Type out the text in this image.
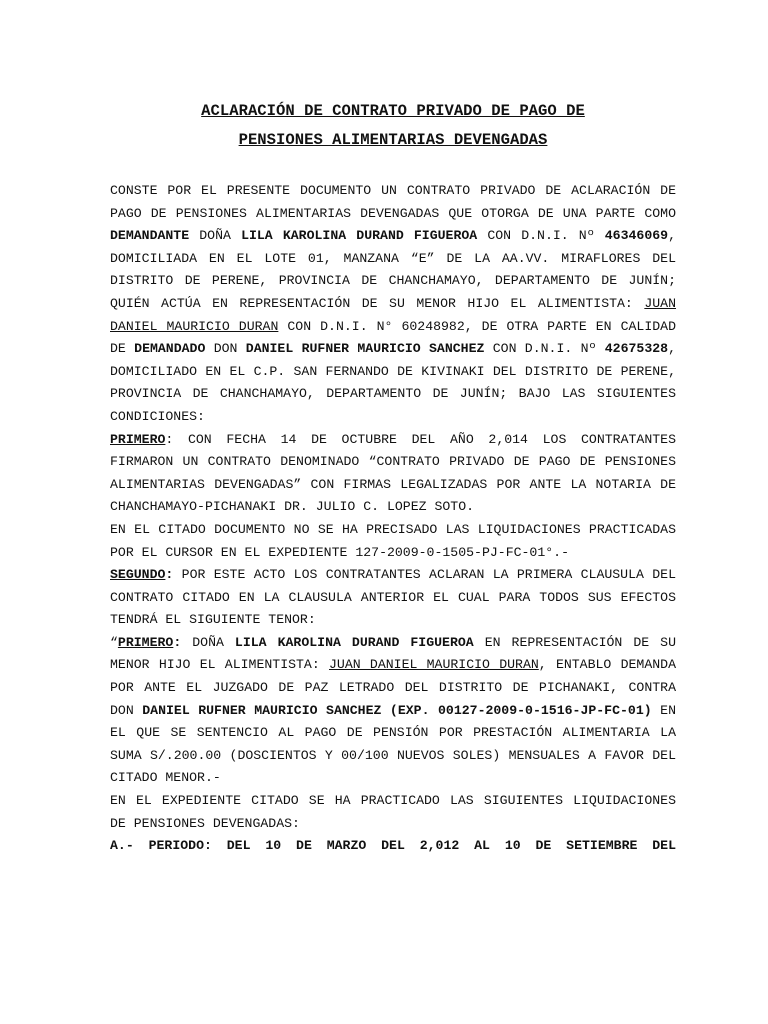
ACLARACIÓN DE CONTRATO PRIVADO DE PAGO DE
PENSIONES ALIMENTARIAS DEVENGADAS

CONSTE POR EL PRESENTE DOCUMENTO UN CONTRATO PRIVADO DE ACLARACIÓN DE PAGO DE PENSIONES ALIMENTARIAS DEVENGADAS QUE OTORGA DE UNA PARTE COMO DEMANDANTE DOÑA LILA KAROLINA DURAND FIGUEROA CON D.N.I. Nº 46346069, DOMICILIADA EN EL LOTE 01, MANZANA “E” DE LA AA.VV. MIRAFLORES DEL DISTRITO DE PERENE, PROVINCIA DE CHANCHAMAYO, DEPARTAMENTO DE JUNÍN; QUIÉN ACTÚA EN REPRESENTACIÓN DE SU MENOR HIJO EL ALIMENTISTA: JUAN DANIEL MAURICIO DURAN CON D.N.I. N° 60248982, DE OTRA PARTE EN CALIDAD DE DEMANDADO DON DANIEL RUFNER MAURICIO SANCHEZ CON D.N.I. Nº 42675328, DOMICILIADO EN EL C.P. SAN FERNANDO DE KIVINAKI DEL DISTRITO DE PERENE, PROVINCIA DE CHANCHAMAYO, DEPARTAMENTO DE JUNÍN; BAJO LAS SIGUIENTES CONDICIONES:

PRIMERO: CON FECHA 14 DE OCTUBRE DEL AÑO 2,014 LOS CONTRATANTES FIRMARON UN CONTRATO DENOMINADO “CONTRATO PRIVADO DE PAGO DE PENSIONES ALIMENTARIAS DEVENGADAS” CON FIRMAS LEGALIZADAS POR ANTE LA NOTARIA DE CHANCHAMAYO-PICHANAKI DR. JULIO C. LOPEZ SOTO.

EN EL CITADO DOCUMENTO NO SE HA PRECISADO LAS LIQUIDACIONES PRACTICADAS POR EL CURSOR EN EL EXPEDIENTE 127-2009-0-1505-PJ-FC-01°.-

SEGUNDO: POR ESTE ACTO LOS CONTRATANTES ACLARAN LA PRIMERA CLAUSULA DEL CONTRATO CITADO EN LA CLAUSULA ANTERIOR EL CUAL PARA TODOS SUS EFECTOS TENDRÁ EL SIGUIENTE TENOR:

“PRIMERO: DOÑA LILA KAROLINA DURAND FIGUEROA EN REPRESENTACIÓN DE SU MENOR HIJO EL ALIMENTISTA: JUAN DANIEL MAURICIO DURAN, ENTABLO DEMANDA POR ANTE EL JUZGADO DE PAZ LETRADO DEL DISTRITO DE PICHANAKI, CONTRA DON DANIEL RUFNER MAURICIO SANCHEZ (EXP. 00127-2009-0-1516-JP-FC-01) EN EL QUE SE SENTENCIO AL PAGO DE PENSIÓN POR PRESTACIÓN ALIMENTARIA LA SUMA S/.200.00 (DOSCIENTOS Y 00/100 NUEVOS SOLES) MENSUALES A FAVOR DEL CITADO MENOR.-

EN EL EXPEDIENTE CITADO SE HA PRACTICADO LAS SIGUIENTES LIQUIDACIONES DE PENSIONES DEVENGADAS:

A.- PERIODO: DEL 10 DE MARZO DEL 2,012 AL 10 DE SETIEMBRE DEL
